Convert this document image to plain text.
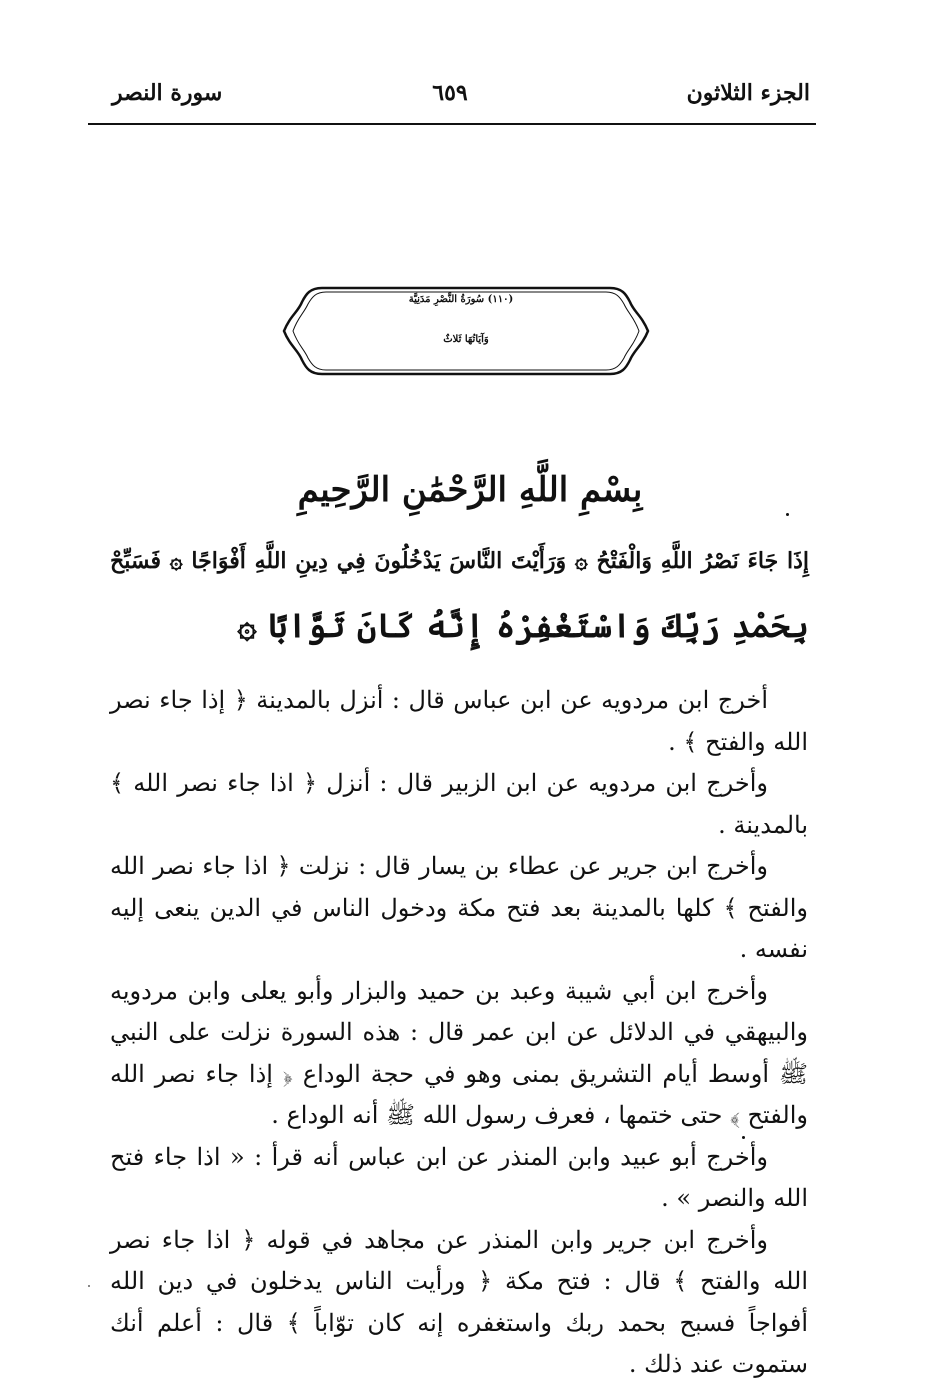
الجزء الثلاثون
٦٥٩
سورة النصر
(١١٠) سُورَةُ النَّصْرِ مَدَنِيَّة
وَآيَاتُهَا ثَلاثٌ
بِسْمِ اللَّهِ الرَّحْمَٰنِ الرَّحِيمِ
إِذَا جَاءَ نَصْرُ اللَّهِ وَالْفَتْحُ ۞ وَرَأَيْتَ النَّاسَ يَدْخُلُونَ فِي دِينِ اللَّهِ أَفْوَاجًا ۞ فَسَبِّحْ
بِحَمْدِ رَبِّكَ وَاسْتَغْفِرْهُ إِنَّهُ كَانَ تَوَّابًا ۞

أخرج ابن مردويه عن ابن عباس قال : أنزل بالمدينة ﴿ إذا جاء نصر الله والفتح ﴾ .

وأخرج ابن مردويه عن ابن الزبير قال : أنزل ﴿ اذا جاء نصر الله ﴾ بالمدينة .

وأخرج ابن جرير عن عطاء بن يسار قال : نزلت ﴿ اذا جاء نصر الله والفتح ﴾ كلها بالمدينة بعد فتح مكة ودخول الناس في الدين ينعى إليه نفسه .

وأخرج ابن أبي شيبة وعبد بن حميد والبزار وأبو يعلى وابن مردويه والبيهقي في الدلائل عن ابن عمر قال : هذه السورة نزلت على النبي ﷺ أوسط أيام التشريق بمنى وهو في حجة الوداع ﴿ إذا جاء نصر الله والفتح ﴾ حتى ختمها ، فعرف رسول الله ﷺ أنه الوداع .

وأخرج أبو عبيد وابن المنذر عن ابن عباس أنه قرأ : « اذا جاء فتح الله والنصر » .

وأخرج ابن جرير وابن المنذر عن مجاهد في قوله ﴿ اذا جاء نصر الله والفتح ﴾ قال : فتح مكة ﴿ ورأيت الناس يدخلون في دين الله أفواجاً فسبح بحمد ربك واستغفره إنه كان توّاباً ﴾ قال : أعلم أنك ستموت عند ذلك .
